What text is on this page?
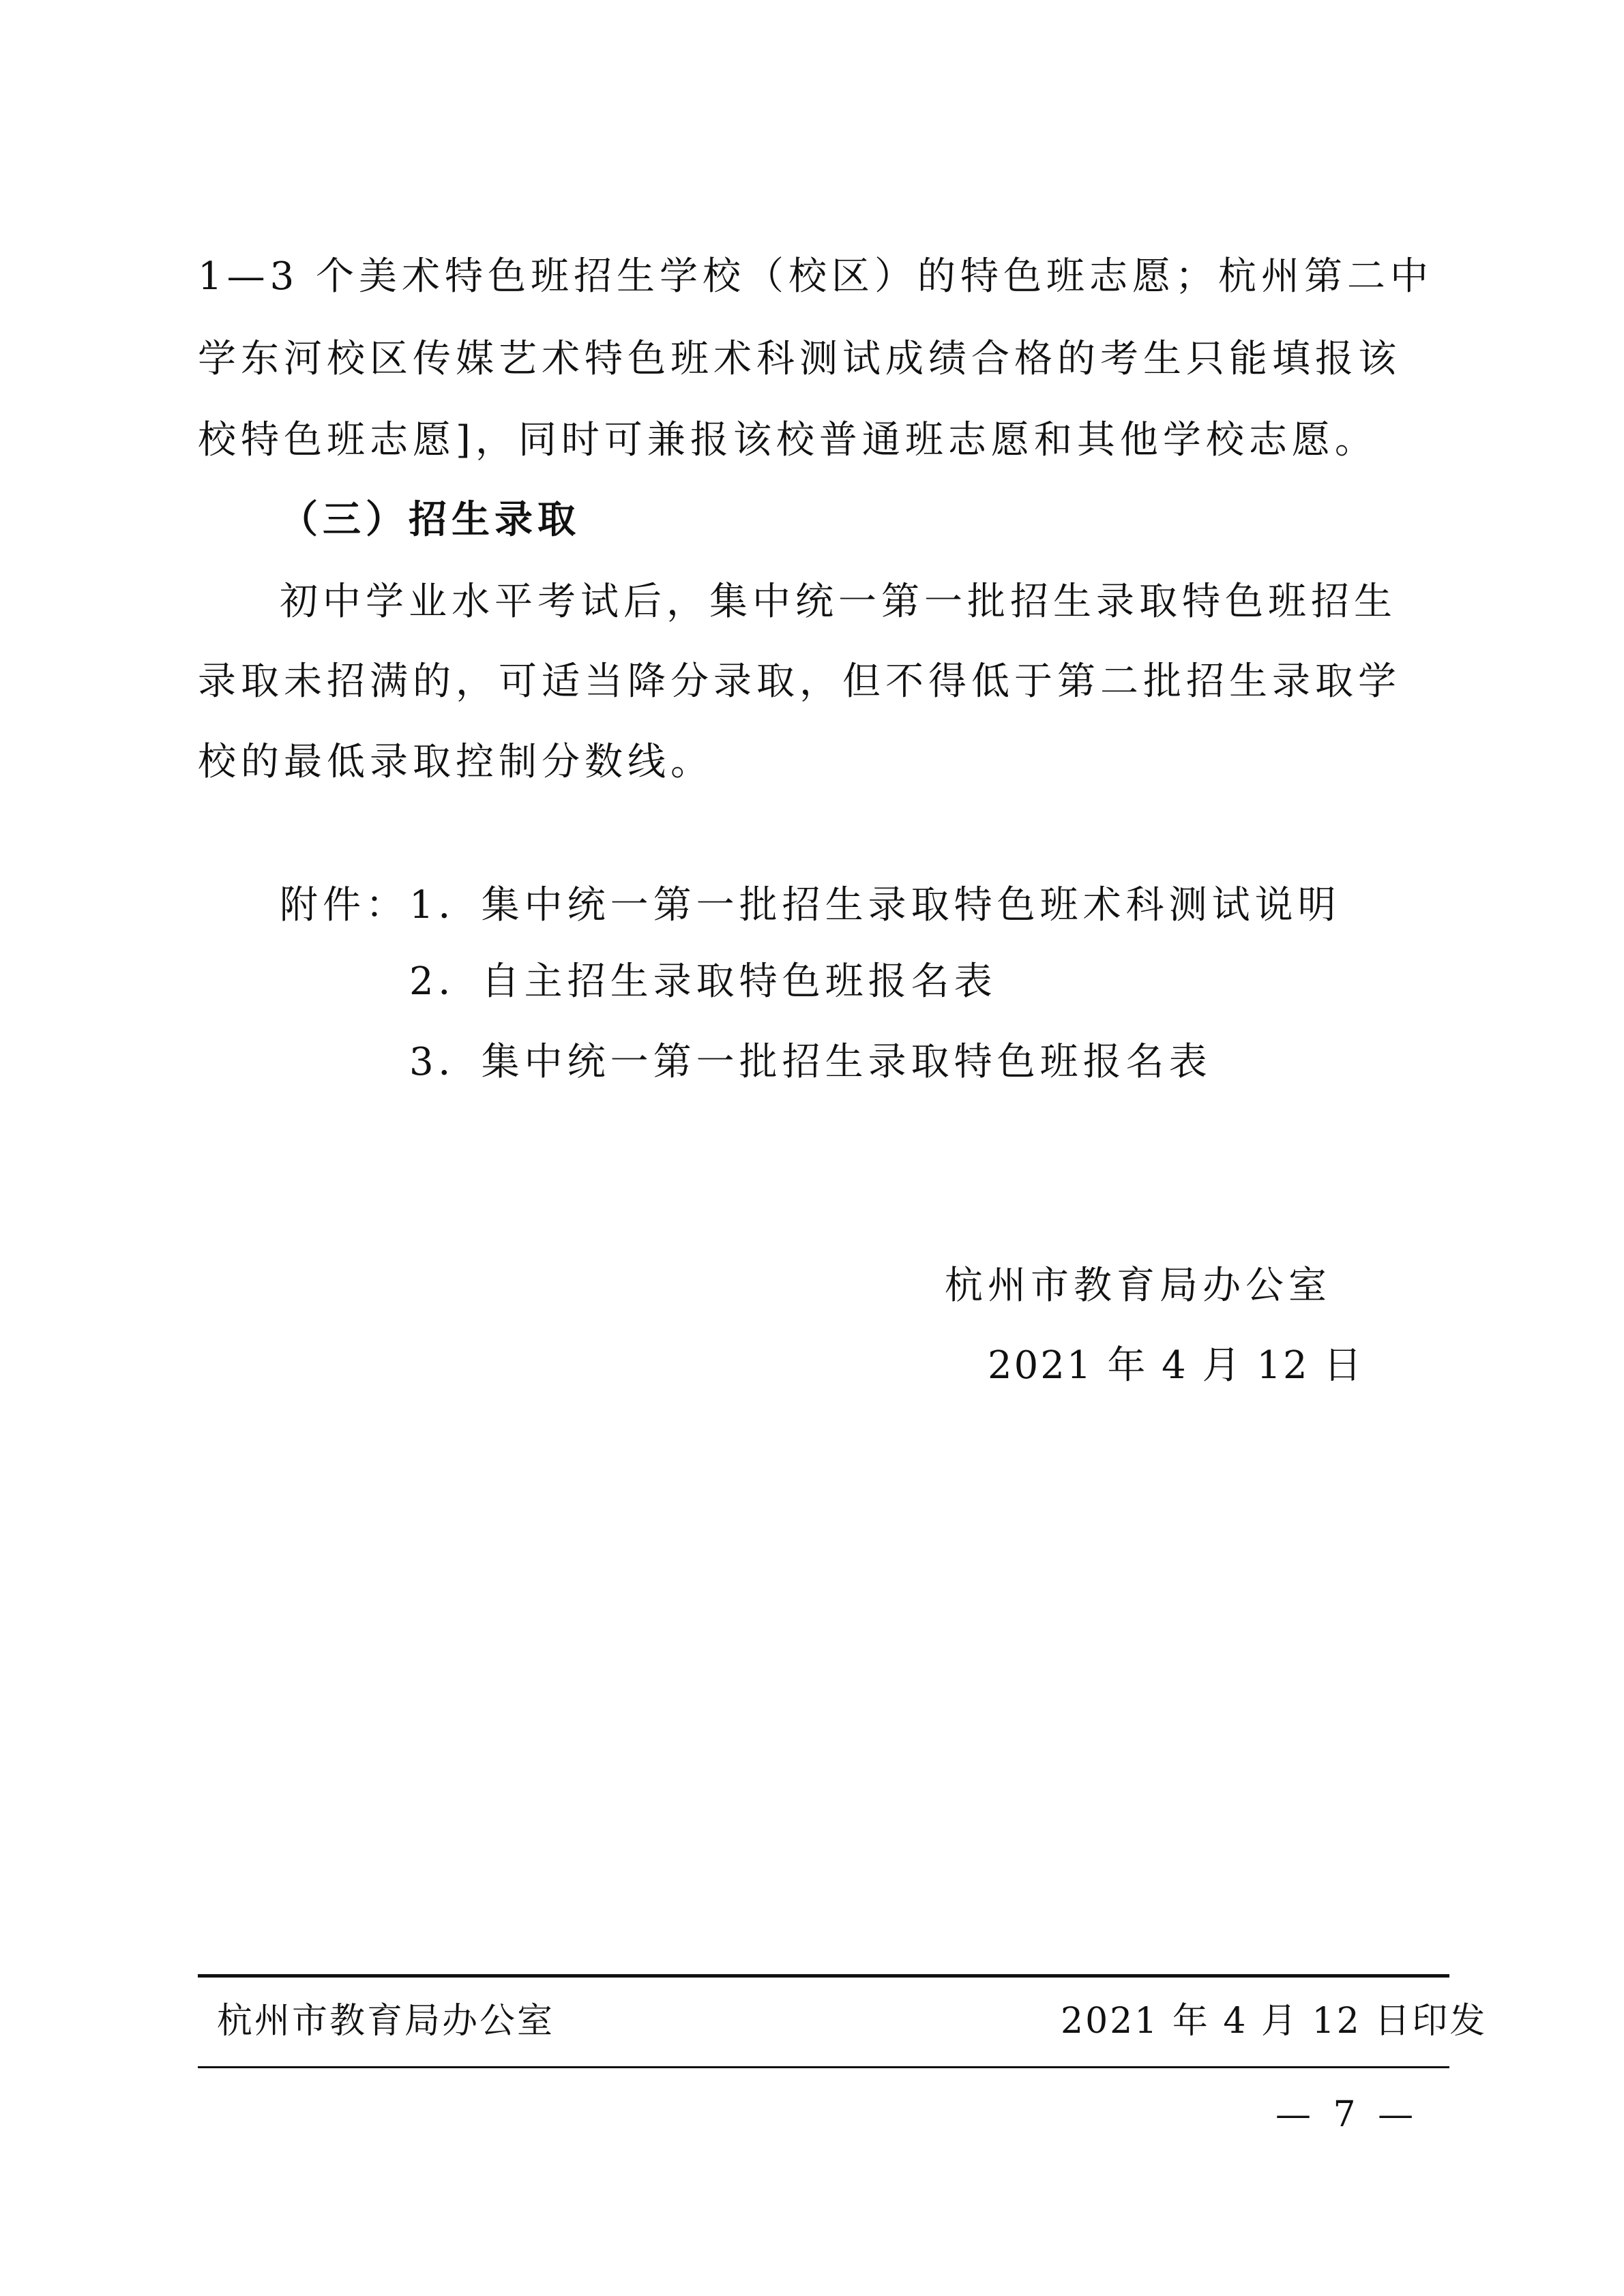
1—3 个美术特色班招生学校（校区）的特色班志愿；杭州第二中
学东河校区传媒艺术特色班术科测试成绩合格的考生只能填报该
校特色班志愿]，同时可兼报该校普通班志愿和其他学校志愿。
（三）招生录取
初中学业水平考试后，集中统一第一批招生录取特色班招生
录取未招满的，可适当降分录取，但不得低于第二批招生录取学
校的最低录取控制分数线。
附件： 1．集中统一第一批招生录取特色班术科测试说明
2．自主招生录取特色班报名表
3．集中统一第一批招生录取特色班报名表
杭州市教育局办公室
2021 年 4 月 12 日
杭州市教育局办公室	2021 年 4 月 12 日印发
— 7 —
